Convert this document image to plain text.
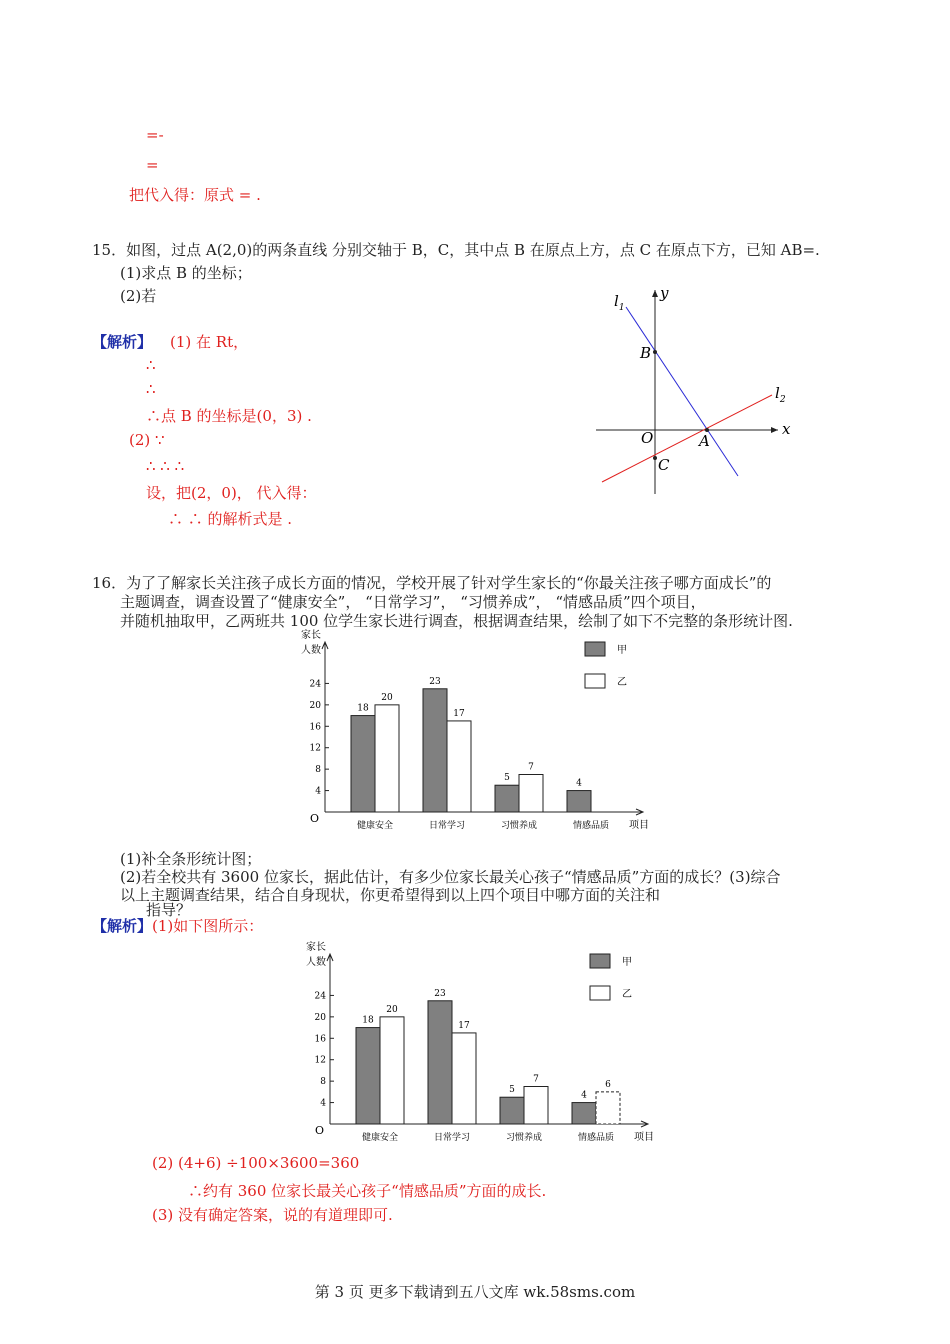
=-
=
把代入得：原式 = .
15．如图，过点 A(2,0)的两条直线 分别交轴于 B，C，其中点 B 在原点上方，点 C 在原点下方，已知 AB=.
(1)求点 B 的坐标；
(2)若
【解析】 (1) 在 Rt，
∴
∴
∴点 B 的坐标是(0，3) .
(2) ∵
∴ ∴ ∴
设，把(2，0)， 代入得：
∴ ∴ 的解析式是 .
$l_1$
$l_2$
y
x
B
O	A
C
16．为了了解家长关注孩子成长方面的情况，学校开展了针对学生家长的“你最关注孩子哪方面成长”的
主题调查，调查设置了“健康安全”， “日常学习”， “习惯养成”， “情感品质”四个项目，
并随机抽取甲，乙两班共 100 位学生家长进行调查，根据调查结果，绘制了如下不完整的条形统计图.
家长
人数
O
项目
4
8
12
16
20
24
健康安全
18
20
日常学习
23
17
习惯养成
5
7
情感品质
4
甲
乙
(1)补全条形统计图；
(2)若全校共有 3600 位家长，据此估计，有多少位家长最关心孩子“情感品质”方面的成长？(3)综合
以上主题调查结果，结合自身现状，你更希望得到以上四个项目中哪方面的关注和
指导？
【解析】 (1)如下图所示：
家长
人数
O
项目
4
8
12
16
20
24
健康安全
18
20
日常学习
23
17
习惯养成
5
7
情感品质
4
6
甲
乙
(2) (4+6) ÷100×3600=360
∴约有 360 位家长最关心孩子“情感品质”方面的成长.
(3) 没有确定答案，说的有道理即可.
第 3 页 更多下载请到五八文库 wk.58sms.com
